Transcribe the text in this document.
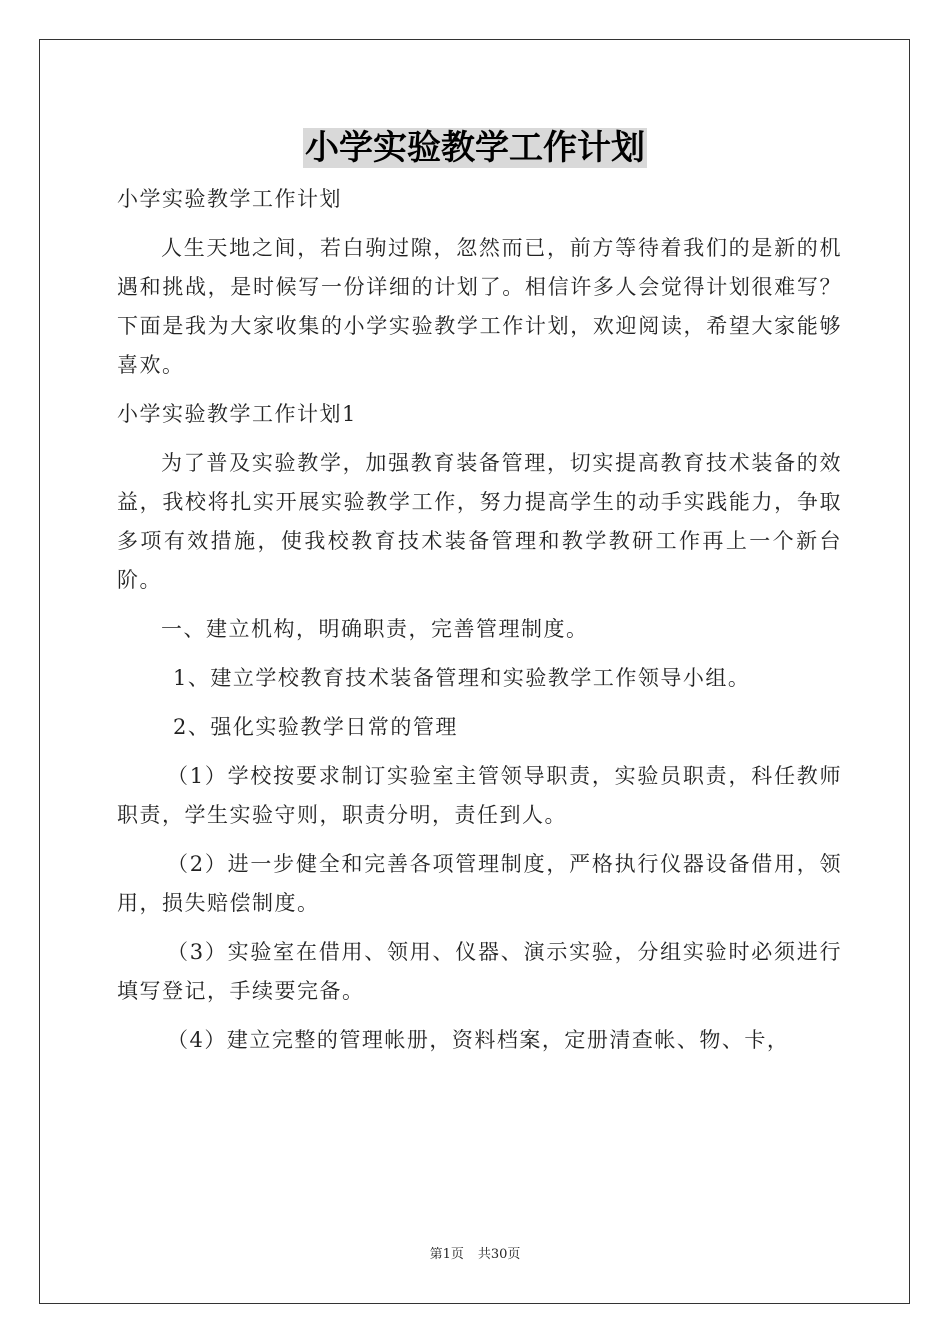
小学实验教学工作计划

小学实验教学工作计划

人生天地之间，若白驹过隙，忽然而已，前方等待着我们的是新的机遇和挑战，是时候写一份详细的计划了。相信许多人会觉得计划很难写？下面是我为大家收集的小学实验教学工作计划，欢迎阅读，希望大家能够喜欢。

小学实验教学工作计划1

为了普及实验教学，加强教育装备管理，切实提高教育技术装备的效益，我校将扎实开展实验教学工作，努力提高学生的动手实践能力，争取多项有效措施，使我校教育技术装备管理和教学教研工作再上一个新台阶。

一、建立机构，明确职责，完善管理制度。

1、建立学校教育技术装备管理和实验教学工作领导小组。

2、强化实验教学日常的管理

（1）学校按要求制订实验室主管领导职责，实验员职责，科任教师职责，学生实验守则，职责分明，责任到人。

（2）进一步健全和完善各项管理制度，严格执行仪器设备借用，领用，损失赔偿制度。

（3）实验室在借用、领用、仪器、演示实验，分组实验时必须进行填写登记，手续要完备。

（4）建立完整的管理帐册，资料档案，定册清查帐、物、卡，

第1页 共30页
